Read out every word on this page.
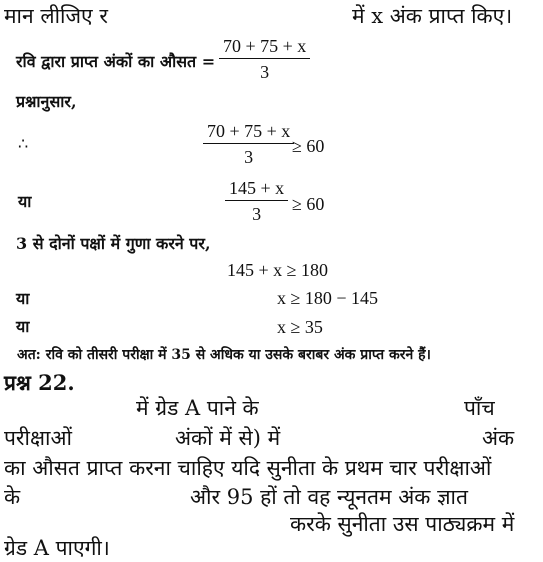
मान लीजिए र	में x अंक प्राप्त किए।
रवि द्वारा प्राप्त अंकों का औसत = $\frac{70 + 75 + x}{3}$
प्रश्नानुसार,
∴	$\frac{70 + 75 + x}{3}$
≥ 60
या	$\frac{145 + x}{3} \ge 60$
3 से दोनों पक्षों में गुणा करने पर,
145 + x ≥ 180
या	x ≥ 180 − 145
या	x ≥ 35
अत: रवि को तीसरी परीक्षा में 35 से अधिक या उसके बराबर अंक प्राप्त करने हैं।
प्रश्न 22.
में ग्रेड A पाने के	पाँच
परीक्षाओं	अंकों में से) में	अंक
का औसत प्राप्त करना चाहिए यदि सुनीता के प्रथम चार परीक्षाओं
के	और 95 हों तो वह न्यूनतम अंक ज्ञात
करके सुनीता उस पाठ्यक्रम में
ग्रेड A पाएगी।
